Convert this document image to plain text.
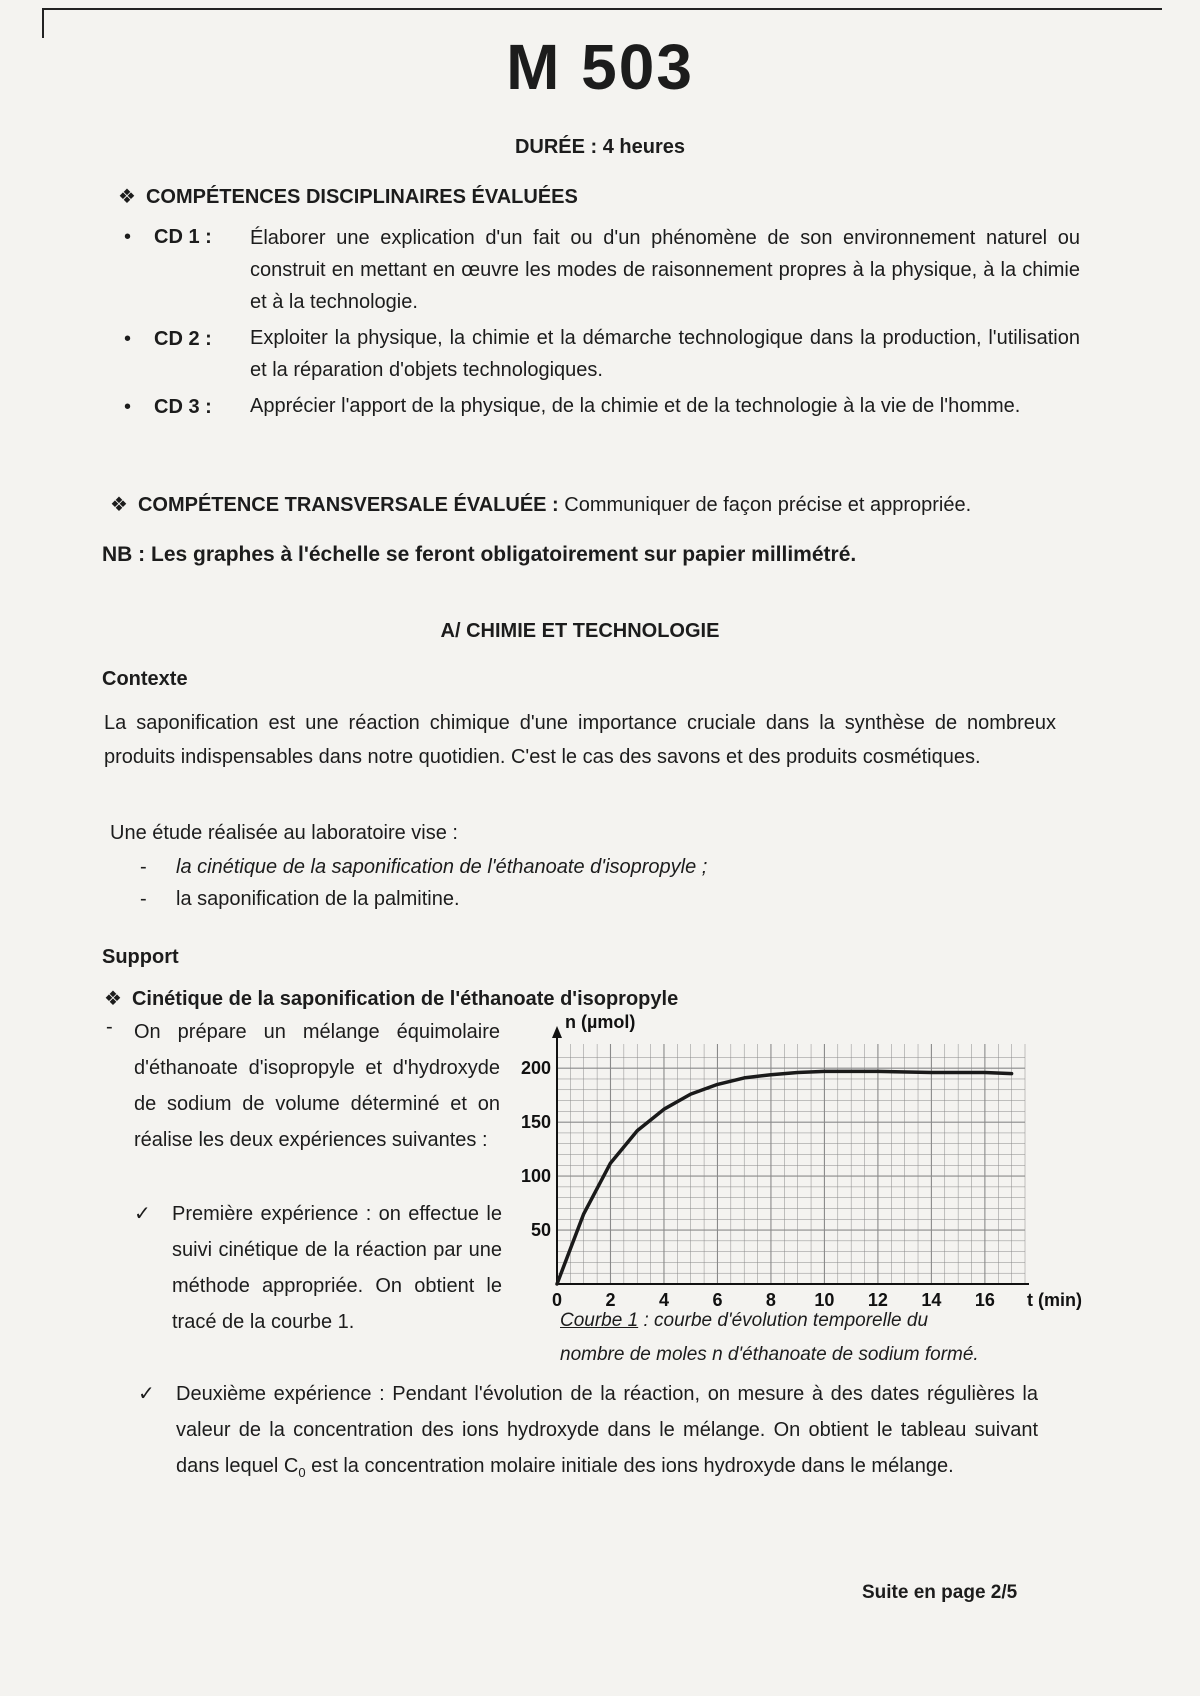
M 503
DURÉE : 4 heures
❖ COMPÉTENCES DISCIPLINAIRES ÉVALUÉES
• CD 1 : Élaborer une explication d'un fait ou d'un phénomène de son environnement naturel ou construit en mettant en œuvre les modes de raisonnement propres à la physique, à la chimie et à la technologie.
• CD 2 : Exploiter la physique, la chimie et la démarche technologique dans la production, l'utilisation et la réparation d'objets technologiques.
• CD 3 : Apprécier l'apport de la physique, de la chimie et de la technologie à la vie de l'homme.
❖ COMPÉTENCE TRANSVERSALE ÉVALUÉE : Communiquer de façon précise et appropriée.
NB : Les graphes à l'échelle se feront obligatoirement sur papier millimétré.
A/ CHIMIE ET TECHNOLOGIE
Contexte
La saponification est une réaction chimique d'une importance cruciale dans la synthèse de nombreux produits indispensables dans notre quotidien. C'est le cas des savons et des produits cosmétiques.
Une étude réalisée au laboratoire vise :
- la cinétique de la saponification de l'éthanoate d'isopropyle ;
- la saponification de la palmitine.
Support
❖ Cinétique de la saponification de l'éthanoate d'isopropyle
- On prépare un mélange équimolaire d'éthanoate d'isopropyle et d'hydroxyde de sodium de volume déterminé et on réalise les deux expériences suivantes :
✓ Première expérience : on effectue le suivi cinétique de la réaction par une méthode appropriée. On obtient le tracé de la courbe 1.
0 2 4 6 8 10 12 14 16
50
100
150
200
t (min)
n (µmol)
Courbe 1 : courbe d'évolution temporelle du
nombre de moles n d'éthanoate de sodium formé.
✓ Deuxième expérience : Pendant l'évolution de la réaction, on mesure à des dates régulières la valeur de la concentration des ions hydroxyde dans le mélange. On obtient le tableau suivant dans lequel $C_0$ est la concentration molaire initiale des ions hydroxyde dans le mélange.
Suite en page 2/5
